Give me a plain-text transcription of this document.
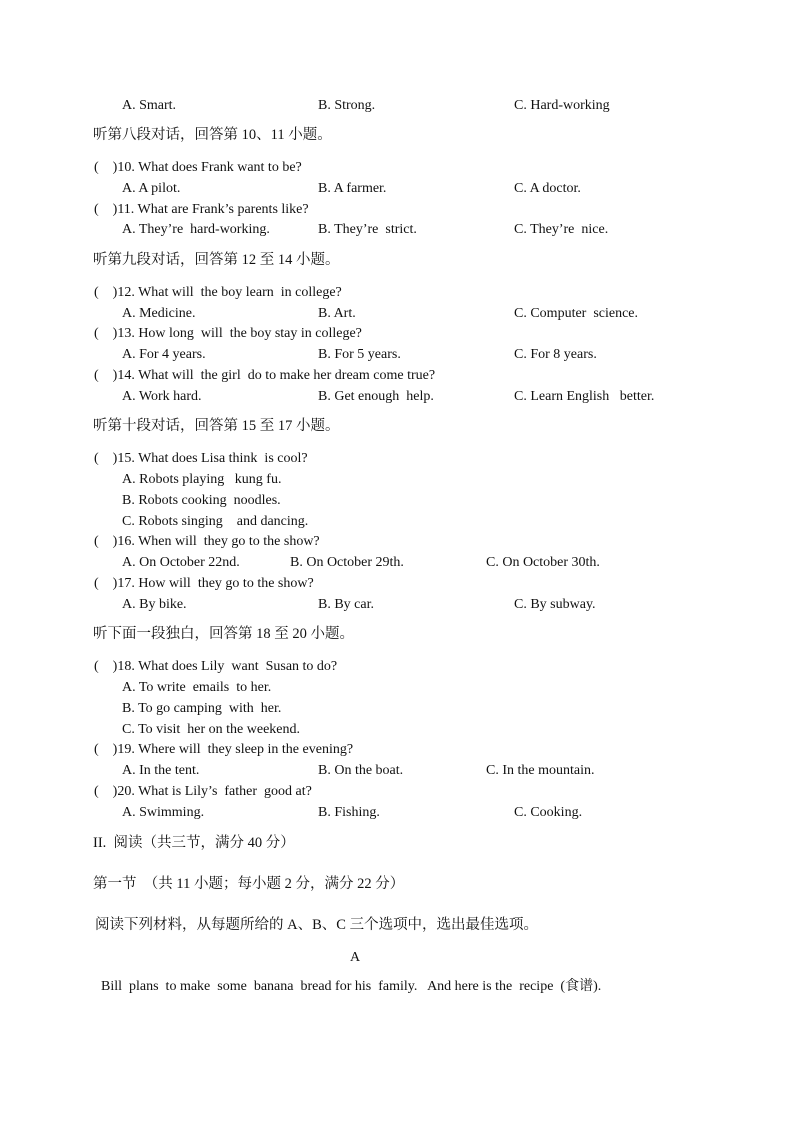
A. Smart.	B. Strong.	C. Hard-working
听第八段对话，回答第 10、11 小题。
(    )10. What does Frank want to be?
A. A pilot.	B. A farmer.	C. A doctor.
(    )11. What are Frank’s parents like?
A. They’re  hard-working.	B. They’re  strict.	C. They’re  nice.
听第九段对话，回答第 12 至 14 小题。
(    )12. What will  the boy learn  in college?
A. Medicine.	B. Art.	C. Computer  science.
(    )13. How long  will  the boy stay in college?
A. For 4 years.	B. For 5 years.	C. For 8 years.
(    )14. What will  the girl  do to make her dream come true?
A. Work hard.	B. Get enough  help.	C. Learn English   better.
听第十段对话，回答第 15 至 17 小题。
(    )15. What does Lisa think  is cool?
A. Robots playing   kung fu.
B. Robots cooking  noodles.
C. Robots singing    and dancing.
(    )16. When will  they go to the show?
A. On October 22nd.	B. On October 29th.	C. On October 30th.
(    )17. How will  they go to the show?
A. By bike.	B. By car.	C. By subway.
听下面一段独白，回答第 18 至 20 小题。
(    )18. What does Lily  want  Susan to do?
A. To write  emails  to her.
B. To go camping  with  her.
C. To visit  her on the weekend.
(    )19. Where will  they sleep in the evening?
A. In the tent.	B. On the boat.	C. In the mountain.
(    )20. What is Lily’s  father  good at?
A. Swimming.	B. Fishing.	C. Cooking.
II.  阅读（共三节，满分 40 分）
第一节  （共 11 小题；每小题 2 分，满分 22 分）
阅读下列材料，从每题所给的 A、B、C 三个选项中，选出最佳选项。
A
Bill  plans  to make  some  banana  bread for his  family.   And here is the  recipe  (食谱).
